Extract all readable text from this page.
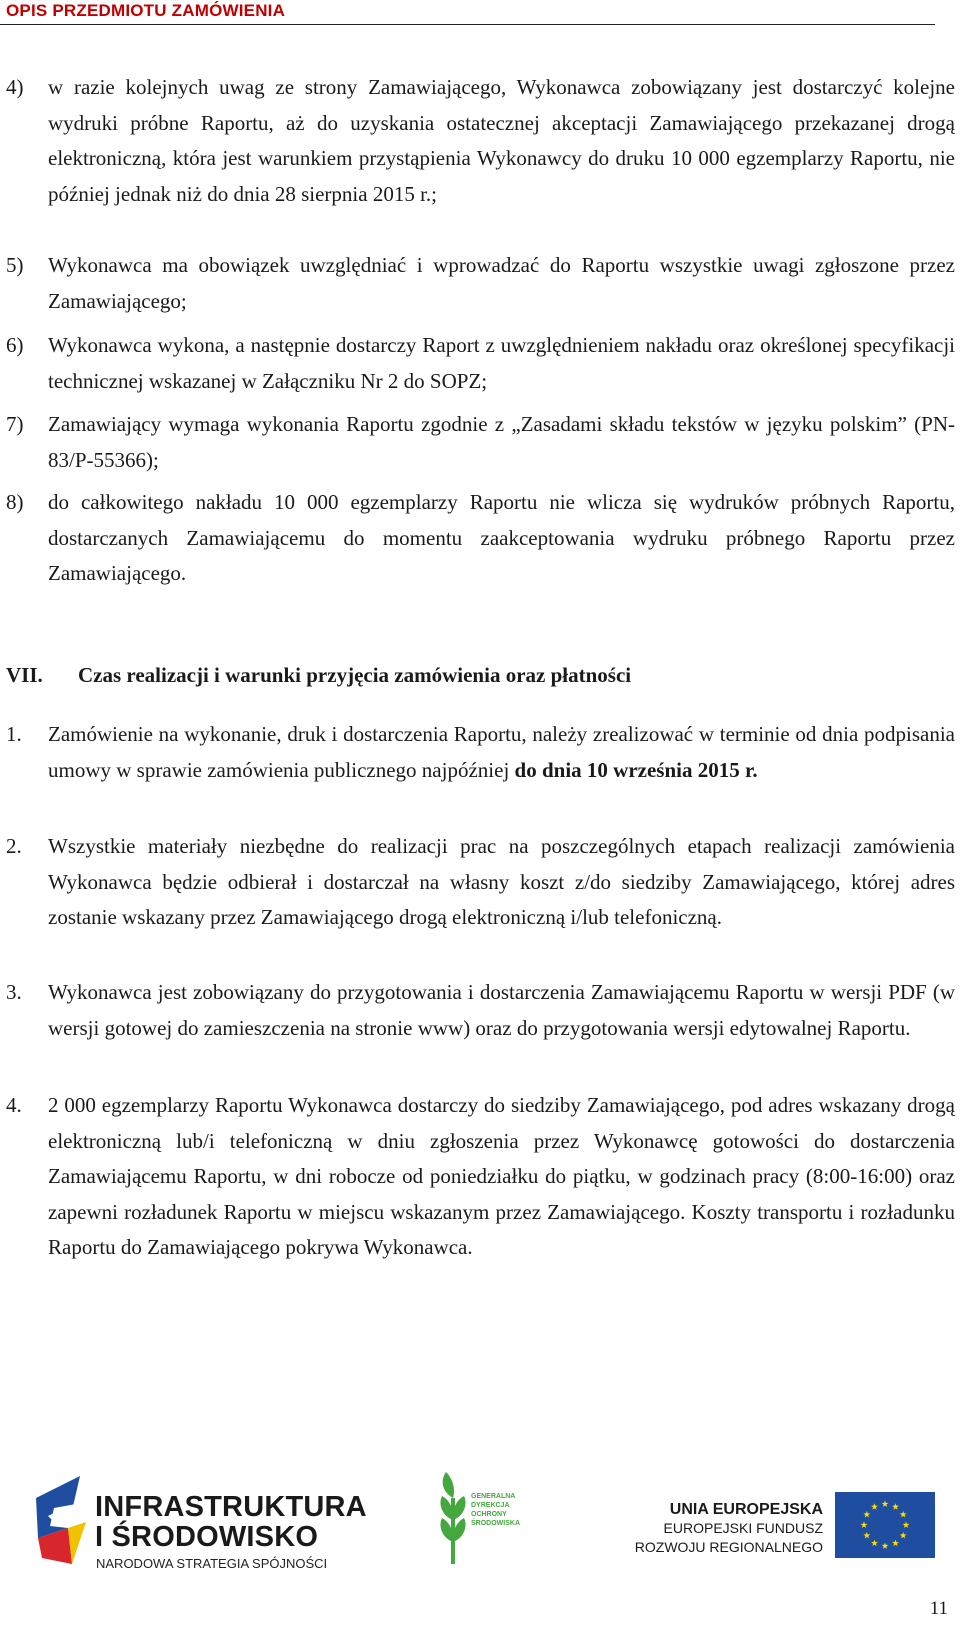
OPIS PRZEDMIOTU ZAMÓWIENIA
4) w razie kolejnych uwag ze strony Zamawiającego, Wykonawca zobowiązany jest dostarczyć kolejne wydruki próbne Raportu, aż do uzyskania ostatecznej akceptacji Zamawiającego przekazanej drogą elektroniczną, która jest warunkiem przystąpienia Wykonawcy do druku 10 000 egzemplarzy Raportu, nie później jednak niż do dnia 28 sierpnia 2015 r.;
5) Wykonawca ma obowiązek uwzględniać i wprowadzać do Raportu wszystkie uwagi zgłoszone przez Zamawiającego;
6) Wykonawca wykona, a następnie dostarczy Raport z uwzględnieniem nakładu oraz określonej specyfikacji technicznej wskazanej w Załączniku Nr 2 do SOPZ;
7) Zamawiający wymaga wykonania Raportu zgodnie z „Zasadami składu tekstów w języku polskim” (PN-83/P-55366);
8) do całkowitego nakładu 10 000 egzemplarzy Raportu nie wlicza się wydruków próbnych Raportu, dostarczanych Zamawiającemu do momentu zaakceptowania wydruku próbnego Raportu przez Zamawiającego.
VII. Czas realizacji i warunki przyjęcia zamówienia oraz płatności
1. Zamówienie na wykonanie, druk i dostarczenia Raportu, należy zrealizować w terminie od dnia podpisania umowy w sprawie zamówienia publicznego najpóźniej do dnia 10 września 2015 r.
2. Wszystkie materiały niezbędne do realizacji prac na poszczególnych etapach realizacji zamówienia Wykonawca będzie odbierał i dostarczał na własny koszt z/do siedziby Zamawiającego, której adres zostanie wskazany przez Zamawiającego drogą elektroniczną i/lub telefoniczną.
3. Wykonawca jest zobowiązany do przygotowania i dostarczenia Zamawiającemu Raportu w wersji PDF (w wersji gotowej do zamieszczenia na stronie www) oraz do przygotowania wersji edytowalnej Raportu.
4. 2 000 egzemplarzy Raportu Wykonawca dostarczy do siedziby Zamawiającego, pod adres wskazany drogą elektroniczną lub/i telefoniczną w dniu zgłoszenia przez Wykonawcę gotowości do dostarczenia Zamawiającemu Raportu, w dni robocze od poniedziałku do piątku, w godzinach pracy (8:00-16:00) oraz zapewni rozładunek Raportu w miejscu wskazanym przez Zamawiającego. Koszty transportu i rozładunku Raportu do Zamawiającego pokrywa Wykonawca.
INFRASTRUKTURA
I ŚRODOWISKO
NARODOWA STRATEGIA SPÓJNOŚCI
GENERALNA DYREKCJA OCHRONY ŚRODOWISKA
UNIA EUROPEJSKA
EUROPEJSKI FUNDUSZ
ROZWOJU REGIONALNEGO
11
